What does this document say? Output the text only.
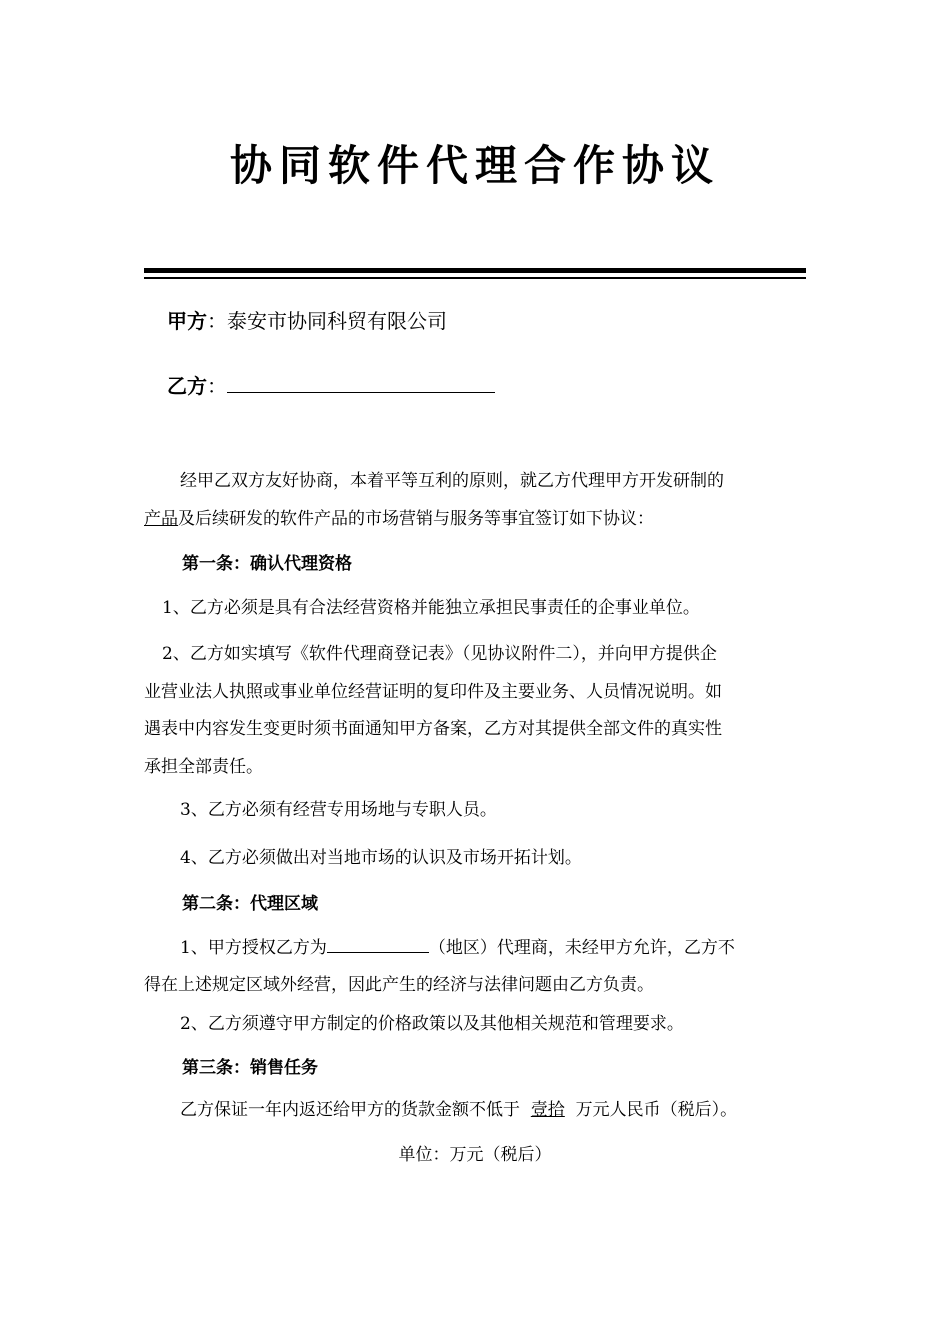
协同软件代理合作协议
甲方：泰安市协同科贸有限公司
乙方：
经甲乙双方友好协商，本着平等互利的原则，就乙方代理甲方开发研制的
产品及后续研发的软件产品的市场营销与服务等事宜签订如下协议：
第一条：确认代理资格
1、乙方必须是具有合法经营资格并能独立承担民事责任的企事业单位。
2、乙方如实填写《软件代理商登记表》（见协议附件二），并向甲方提供企
业营业法人执照或事业单位经营证明的复印件及主要业务、人员情况说明。如
遇表中内容发生变更时须书面通知甲方备案，乙方对其提供全部文件的真实性
承担全部责任。
3、乙方必须有经营专用场地与专职人员。
4、乙方必须做出对当地市场的认识及市场开拓计划。
第二条：代理区域
1、甲方授权乙方为	（地区）代理商，未经甲方允许，乙方不
得在上述规定区域外经营，因此产生的经济与法律问题由乙方负责。
2、乙方须遵守甲方制定的价格政策以及其他相关规范和管理要求。
第三条：销售任务
乙方保证一年内返还给甲方的货款金额不低于 壹拾 万元人民币（税后）。
单位：万元（税后）
